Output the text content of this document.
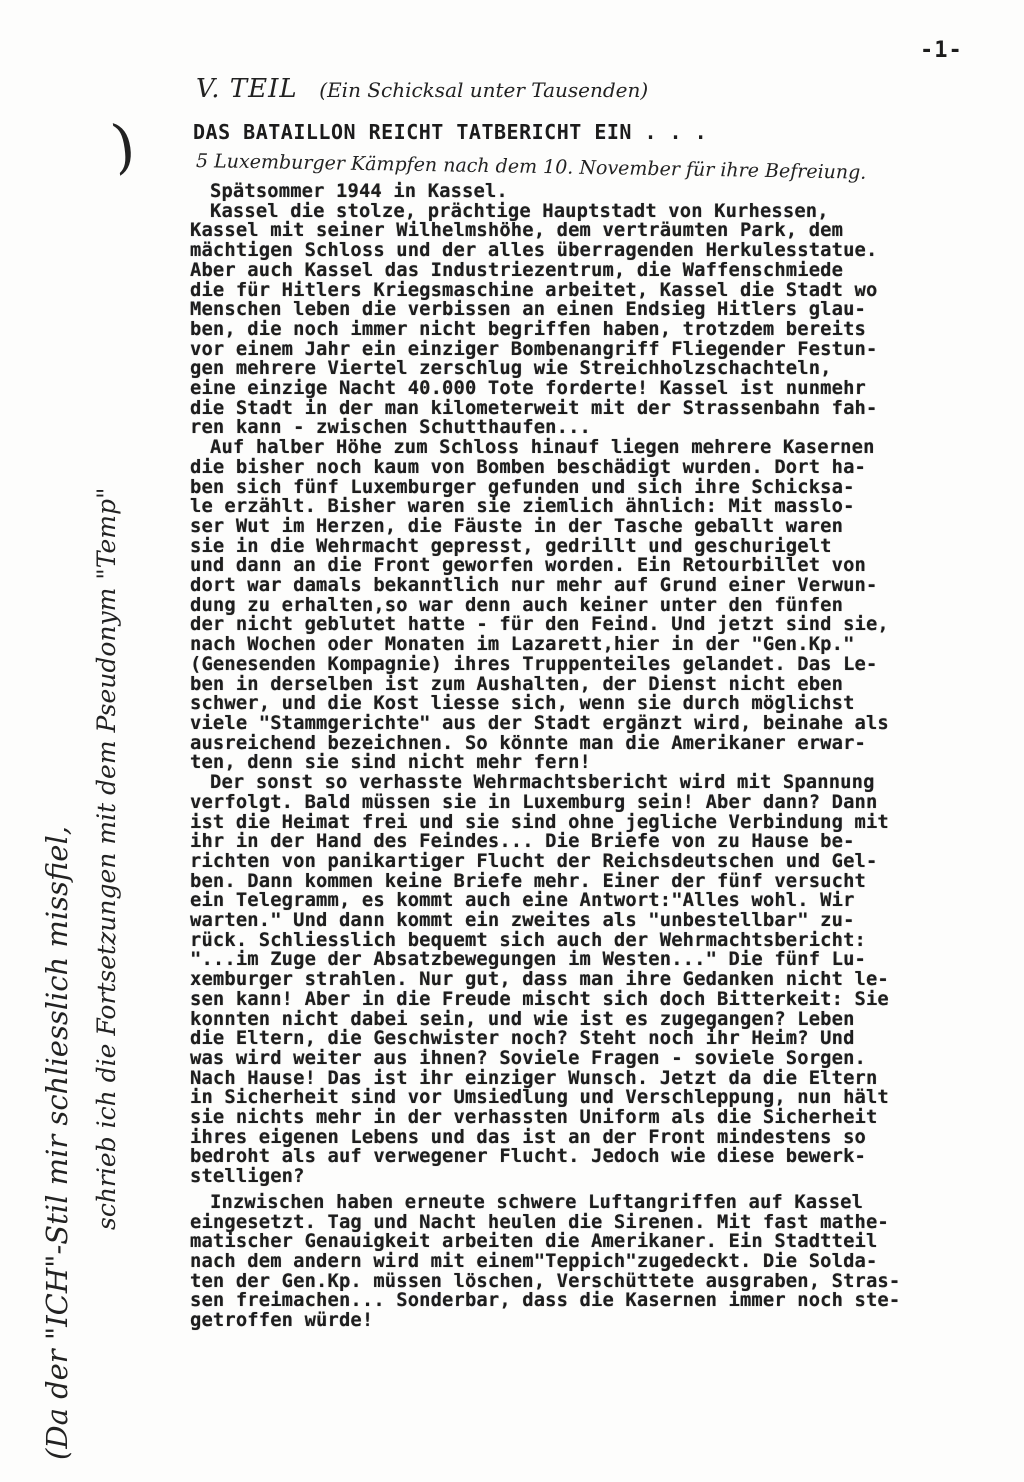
-1-
V. TEIL (Ein Schicksal unter Tausenden)
DAS BATAILLON REICHT TATBERICHT EIN . . .
5 Luxemburger Kämpfen nach dem 10. November für ihre Befreiung.
Spätsommer 1944 in Kassel.
Kassel die stolze, prächtige Hauptstadt von Kurhessen,
Kassel mit seiner Wilhelmshöhe, dem verträumten Park, dem
mächtigen Schloss und der alles überragenden Herkulesstatue.
Aber auch Kassel das Industriezentrum, die Waffenschmiede
die für Hitlers Kriegsmaschine arbeitet, Kassel die Stadt wo
Menschen leben die verbissen an einen Endsieg Hitlers glau-
ben, die noch immer nicht begriffen haben, trotzdem bereits
vor einem Jahr ein einziger Bombenangriff Fliegender Festun-
gen mehrere Viertel zerschlug wie Streichholzschachteln,
eine einzige Nacht 40.000 Tote forderte! Kassel ist nunmehr
die Stadt in der man kilometerweit mit der Strassenbahn fah-
ren kann - zwischen Schutthaufen...
Auf halber Höhe zum Schloss hinauf liegen mehrere Kasernen
die bisher noch kaum von Bomben beschädigt wurden. Dort ha-
ben sich fünf Luxemburger gefunden und sich ihre Schicksa-
le erzählt. Bisher waren sie ziemlich ähnlich: Mit masslo-
ser Wut im Herzen, die Fäuste in der Tasche geballt waren
sie in die Wehrmacht gepresst, gedrillt und geschurigelt
und dann an die Front geworfen worden. Ein Retourbillet von
dort war damals bekanntlich nur mehr auf Grund einer Verwun-
dung zu erhalten,so war denn auch keiner unter den fünfen
der nicht geblutet hatte - für den Feind. Und jetzt sind sie,
nach Wochen oder Monaten im Lazarett,hier in der "Gen.Kp."
(Genesenden Kompagnie) ihres Truppenteiles gelandet. Das Le-
ben in derselben ist zum Aushalten, der Dienst nicht eben
schwer, und die Kost liesse sich, wenn sie durch möglichst
viele "Stammgerichte" aus der Stadt ergänzt wird, beinahe als
ausreichend bezeichnen. So könnte man die Amerikaner erwar-
ten, denn sie sind nicht mehr fern!
Der sonst so verhasste Wehrmachtsbericht wird mit Spannung
verfolgt. Bald müssen sie in Luxemburg sein! Aber dann? Dann
ist die Heimat frei und sie sind ohne jegliche Verbindung mit
ihr in der Hand des Feindes... Die Briefe von zu Hause be-
richten von panikartiger Flucht der Reichsdeutschen und Gel-
ben. Dann kommen keine Briefe mehr. Einer der fünf versucht
ein Telegramm, es kommt auch eine Antwort:"Alles wohl. Wir
warten." Und dann kommt ein zweites als "unbestellbar" zu-
rück. Schliesslich bequemt sich auch der Wehrmachtsbericht:
"...im Zuge der Absatzbewegungen im Westen..." Die fünf Lu-
xemburger strahlen. Nur gut, dass man ihre Gedanken nicht le-
sen kann! Aber in die Freude mischt sich doch Bitterkeit: Sie
konnten nicht dabei sein, und wie ist es zugegangen? Leben
die Eltern, die Geschwister noch? Steht noch ihr Heim? Und
was wird weiter aus ihnen? Soviele Fragen - soviele Sorgen.
Nach Hause! Das ist ihr einziger Wunsch. Jetzt da die Eltern
in Sicherheit sind vor Umsiedlung und Verschleppung, nun hält
sie nichts mehr in der verhassten Uniform als die Sicherheit
ihres eigenen Lebens und das ist an der Front mindestens so
bedroht als auf verwegener Flucht. Jedoch wie diese bewerk-
stelligen?
Inzwischen haben erneute schwere Luftangriffen auf Kassel
eingesetzt. Tag und Nacht heulen die Sirenen. Mit fast mathe-
matischer Genauigkeit arbeiten die Amerikaner. Ein Stadtteil
nach dem andern wird mit einem"Teppich"zugedeckt. Die Solda-
ten der Gen.Kp. müssen löschen, Verschüttete ausgraben, Stras-
sen freimachen... Sonderbar, dass die Kasernen immer noch ste-
getroffen würde!
(Da der "ICH"-Stil mir schliesslich missfiel, schrieb ich die Fortsetzungen mit dem Pseudonym "Temp"
)
